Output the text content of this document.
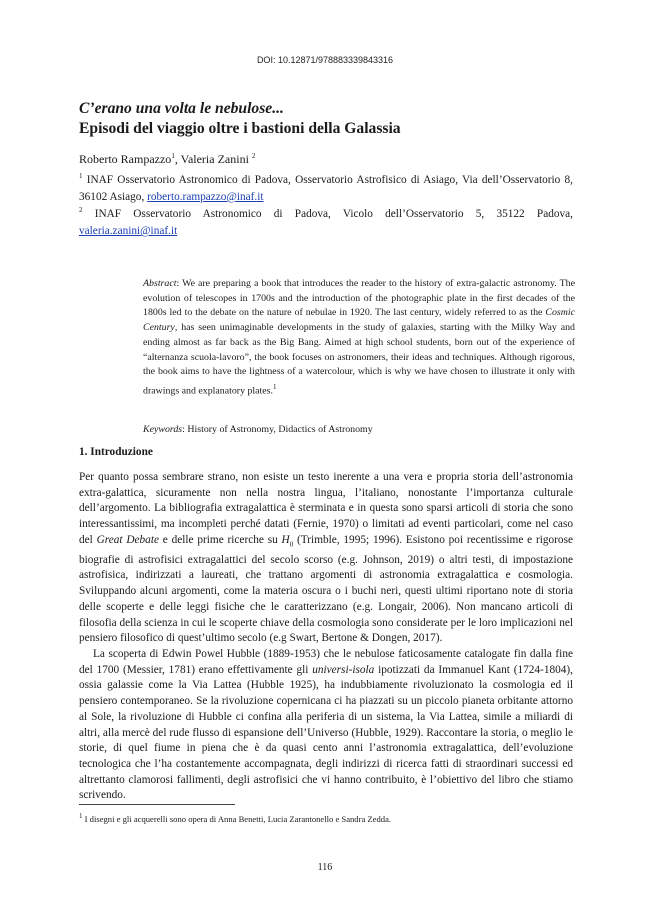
DOI: 10.12871/978883339843316
C’erano una volta le nebulose...
Episodi del viaggio oltre i bastioni della Galassia
Roberto Rampazzo$^1$, Valeria Zanini $^2$
$^1$ INAF Osservatorio Astronomico di Padova, Osservatorio Astrofisico di Asiago, Via dell’Osservatorio 8, 36102 Asiago, roberto.rampazzo@inaf.it
$^2$ INAF Osservatorio Astronomico di Padova, Vicolo dell’Osservatorio 5, 35122 Padova, valeria.zanini@inaf.it
Abstract: We are preparing a book that introduces the reader to the history of extra-galactic astronomy. The evolution of telescopes in 1700s and the introduction of the photographic plate in the first decades of the 1800s led to the debate on the nature of nebulae in 1920. The last century, widely referred to as the Cosmic Century, has seen unimaginable developments in the study of galaxies, starting with the Milky Way and ending almost as far back as the Big Bang. Aimed at high school students, born out of the experience of “alternanza scuola-lavoro”, the book focuses on astronomers, their ideas and techniques. Although rigorous, the book aims to have the lightness of a watercolour, which is why we have chosen to illustrate it only with drawings and explanatory plates.$^1$
Keywords: History of Astronomy, Didactics of Astronomy
1. Introduzione

Per quanto possa sembrare strano, non esiste un testo inerente a una vera e propria storia dell’astronomia extra-galattica, sicuramente non nella nostra lingua, l’italiano, nonostante l’importanza culturale dell’argomento. La bibliografia extragalattica è sterminata e in questa sono sparsi articoli di storia che sono interessantissimi, ma incompleti perché datati (Fernie, 1970) o limitati ad eventi particolari, come nel caso del Great Debate e delle prime ricerche su $H_0$ (Trimble, 1995; 1996). Esistono poi recentissime e rigorose biografie di astrofisici extragalattici del secolo scorso (e.g. Johnson, 2019) o altri testi, di impostazione astrofisica, indirizzati a laureati, che trattano argomenti di astronomia extragalattica e cosmologia. Sviluppando alcuni argomenti, come la materia oscura o i buchi neri, questi ultimi riportano note di storia delle scoperte e delle leggi fisiche che le caratterizzano (e.g. Longair, 2006). Non mancano articoli di filosofia della scienza in cui le scoperte chiave della cosmologia sono considerate per le loro implicazioni nel pensiero filosofico di quest’ultimo secolo (e.g Swart, Bertone & Dongen, 2017).

La scoperta di Edwin Powel Hubble (1889-1953) che le nebulose faticosamente catalogate fin dalla fine del 1700 (Messier, 1781) erano effettivamente gli universi-isola ipotizzati da Immanuel Kant (1724-1804), ossia galassie come la Via Lattea (Hubble 1925), ha indubbiamente rivoluzionato la cosmologia ed il pensiero contemporaneo. Se la rivoluzione copernicana ci ha piazzati su un piccolo pianeta orbitante attorno al Sole, la rivoluzione di Hubble ci confina alla periferia di un sistema, la Via Lattea, simile a miliardi di altri, alla mercè del rude flusso di espansione dell’Universo (Hubble, 1929). Raccontare la storia, o meglio le storie, di quel fiume in piena che è da quasi cento anni l’astronomia extragalattica, dell’evoluzione tecnologica che l’ha costantemente accompagnata, degli indirizzi di ricerca fatti di straordinari successi ed altrettanto clamorosi fallimenti, degli astrofisici che vi hanno contribuito, è l’obiettivo del libro che stiamo scrivendo.

$^1$ I disegni e gli acquerelli sono opera di Anna Benetti, Lucia Zarantonello e Sandra Zedda.
116
